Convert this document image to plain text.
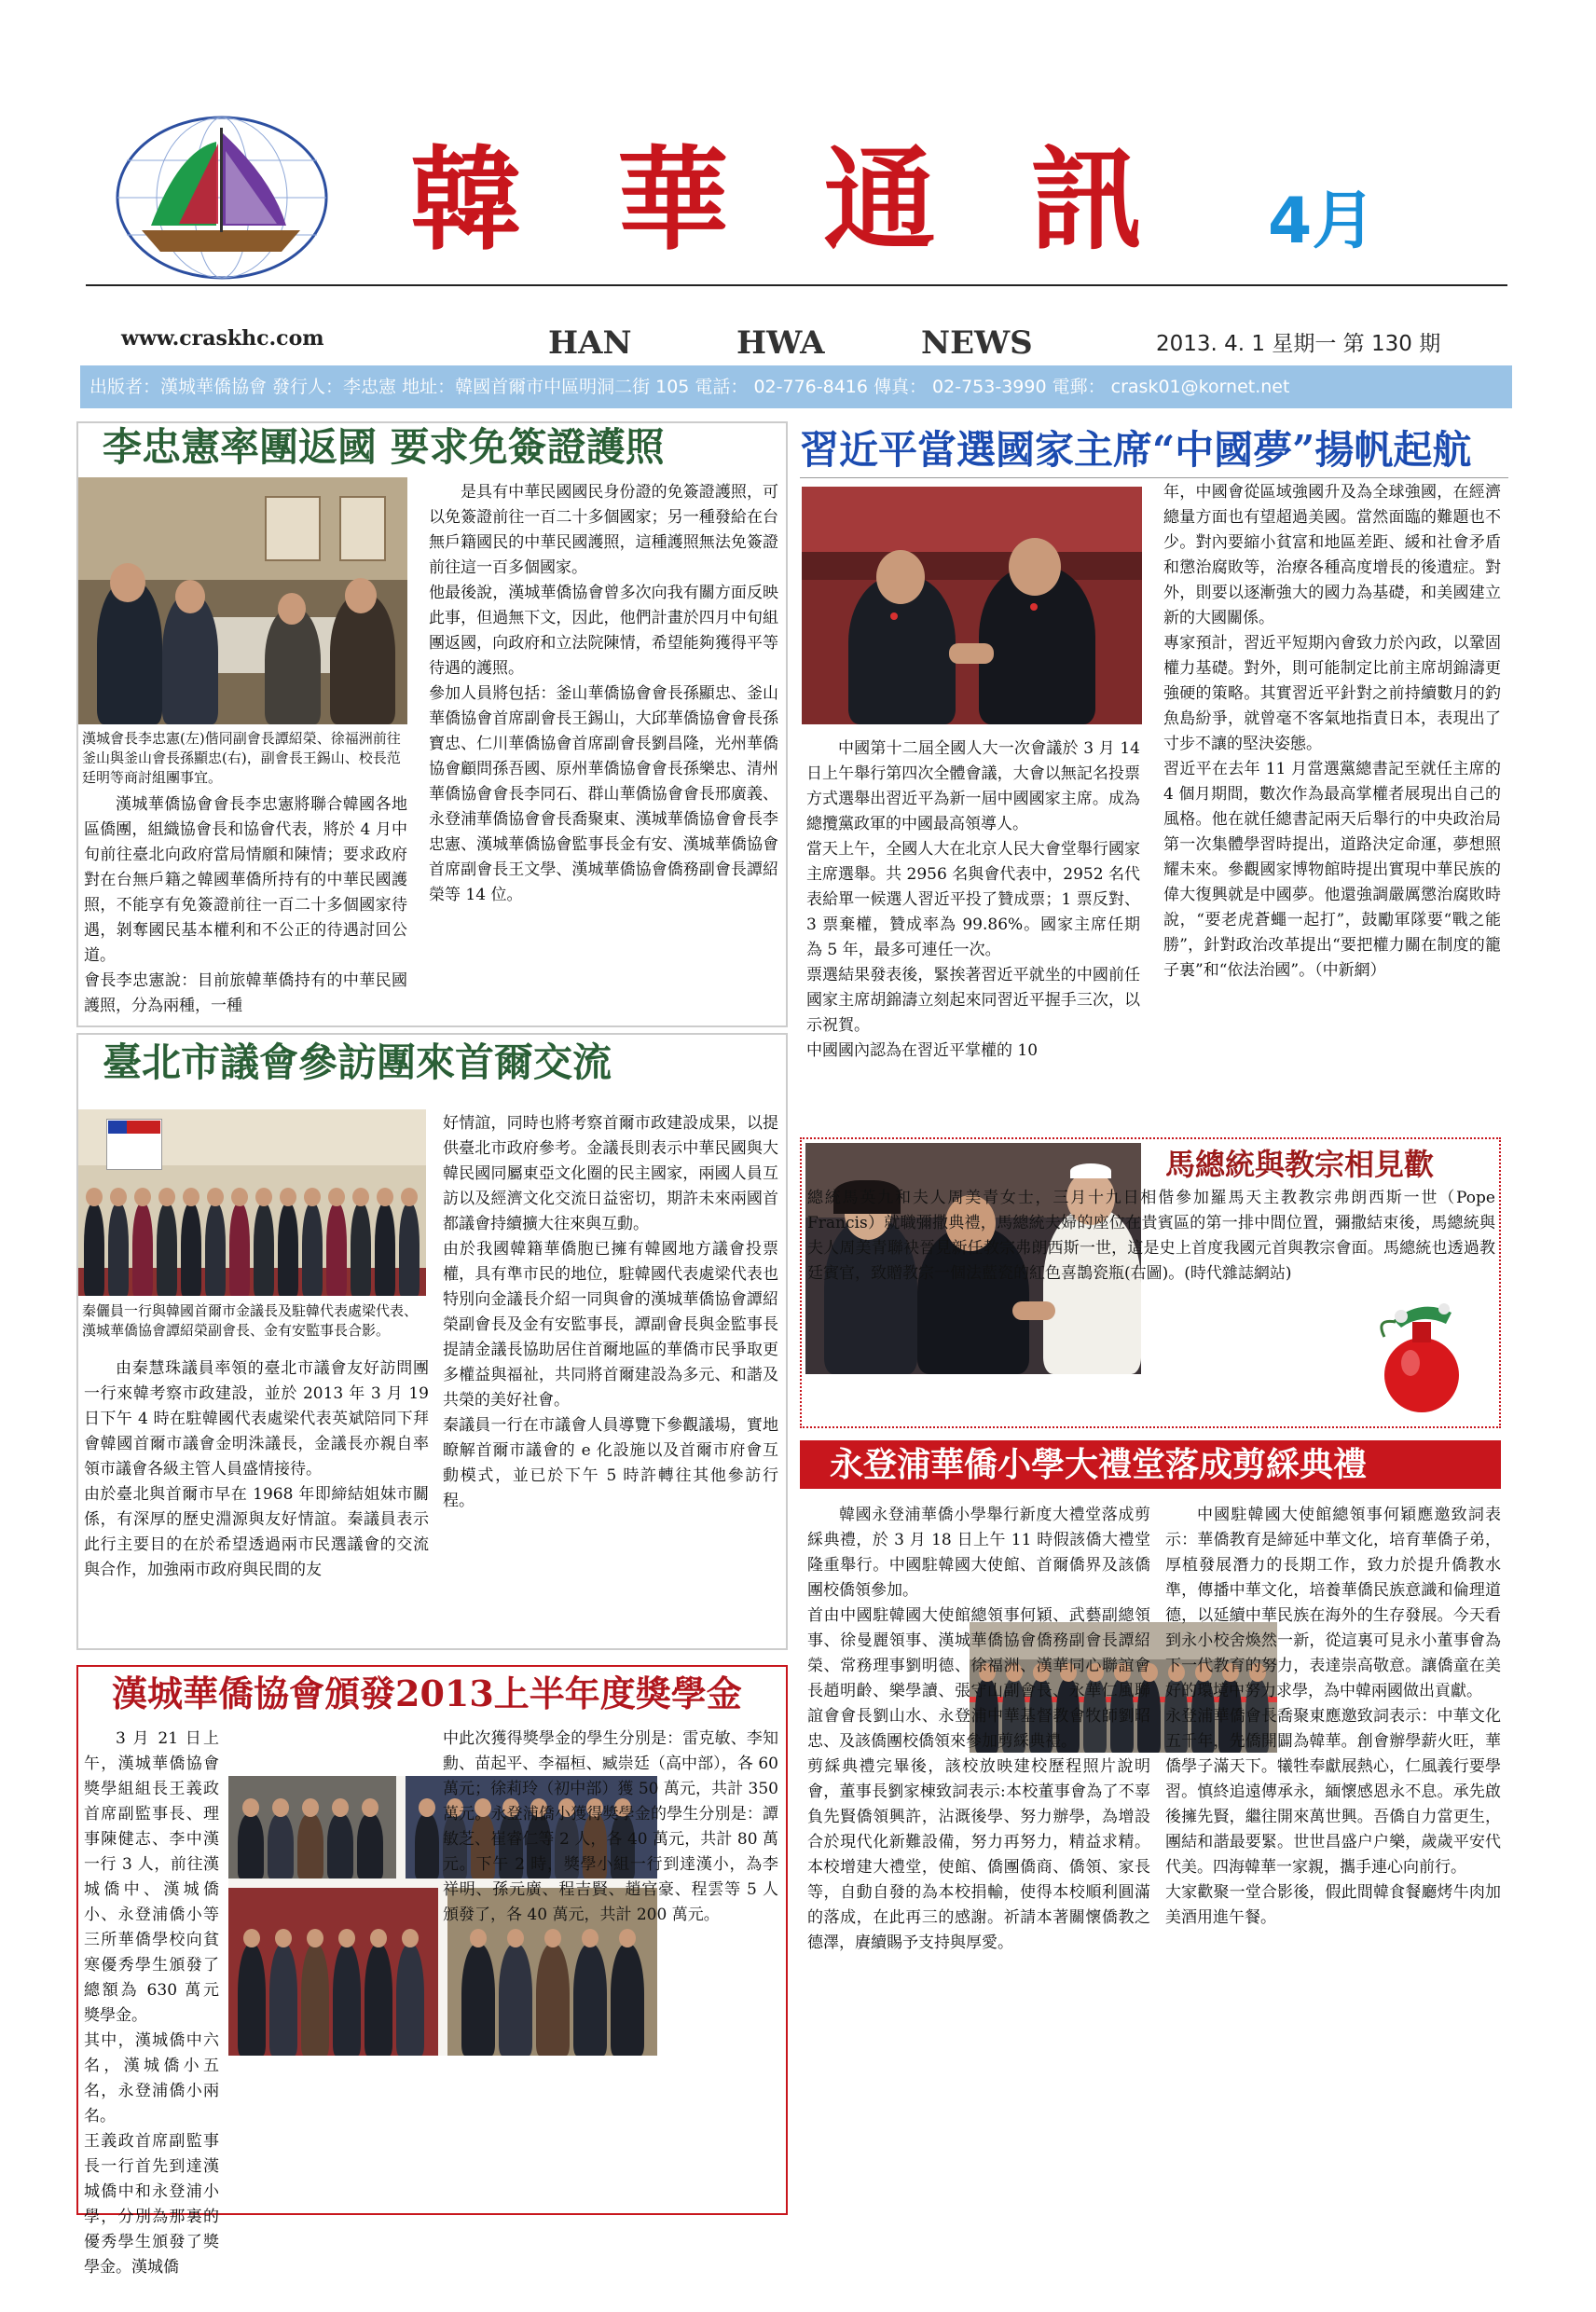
韓 華 通 訊 4月
www.craskhc.com	HAN	HWA	NEWS	2013. 4. 1 星期一 第 130 期
出版者：漢城華僑協會 發行人：李忠憲 地址：韓國首爾市中區明洞二街 105 電話： 02-776-8416 傳真： 02-753-3990 電郵： crask01@kornet.net
李忠憲率團返國 要求免簽證護照
漢城會長李忠憲(左)偕同副會長譚紹榮、徐福洲前往釜山與釜山會長孫顯忠(右)，副會長王錫山、校長范廷明等商討組團事宜。
漢城華僑協會會長李忠憲將聯合韓國各地區僑團，組織協會長和協會代表，將於 4 月中旬前往臺北向政府當局情願和陳情；要求政府對在台無戶籍之韓國華僑所持有的中華民國護照，不能享有免簽證前往一百二十多個國家待遇，剝奪國民基本權利和不公正的待遇討回公道。
會長李忠憲說：目前旅韓華僑持有的中華民國護照，分為兩種，一種
是具有中華民國國民身份證的免簽證護照，可以免簽證前往一百二十多個國家；另一種發給在台無戶籍國民的中華民國護照，這種護照無法免簽證前往這一百多個國家。
他最後說，漢城華僑協會曾多次向我有關方面反映此事，但過無下文，因此，他們計畫於四月中旬組團返國，向政府和立法院陳情，希望能夠獲得平等待遇的護照。
參加人員將包括：釜山華僑協會會長孫顯忠、釜山華僑協會首席副會長王錫山，大邱華僑協會會長孫寶忠、仁川華僑協會首席副會長劉昌隆，光州華僑協會顧問孫吾國、原州華僑協會會長孫樂忠、清州華僑協會會長李同石、群山華僑協會會長邢廣義、永登浦華僑協會會長喬聚東、漢城華僑協會會長李忠憲、漢城華僑協會監事長金有安、漢城華僑協會首席副會長王文學、漢城華僑協會僑務副會長譚紹榮等 14 位。
習近平當選國家主席“中國夢”揚帆起航
中國第十二屆全國人大一次會議於 3 月 14 日上午舉行第四次全體會議，大會以無記名投票方式選舉出習近平為新一屆中國國家主席。成為總攬黨政軍的中國最高領導人。
當天上午，全國人大在北京人民大會堂舉行國家主席選舉。共 2956 名與會代表中，2952 名代表給單一候選人習近平投了贊成票；1 票反對、3 票棄權，贊成率為 99.86%。國家主席任期為 5 年，最多可連任一次。
票選結果發表後，緊挨著習近平就坐的中國前任國家主席胡錦濤立刻起來同習近平握手三次，以示祝賀。
中國國內認為在習近平掌權的 10
年，中國會從區域強國升及為全球強國，在經濟總量方面也有望超過美國。當然面臨的難題也不少。對內要縮小貧富和地區差距、緩和社會矛盾和懲治腐敗等，治療各種高度增長的後遺症。對外，則要以逐漸強大的國力為基礎，和美國建立新的大國關係。
專家預計，習近平短期內會致力於內政，以鞏固權力基礎。對外，則可能制定比前主席胡錦濤更強硬的策略。其實習近平針對之前持續數月的釣魚島紛爭，就曾毫不客氣地指責日本，表現出了寸步不讓的堅決姿態。
習近平在去年 11 月當選黨總書記至就任主席的 4 個月期間，數次作為最高掌權者展現出自己的風格。他在就任總書記兩天后舉行的中央政治局第一次集體學習時提出，道路決定命運，夢想照耀未來。參觀國家博物館時提出實現中華民族的偉大復興就是中國夢。他還強調嚴厲懲治腐敗時說，“要老虎蒼蠅一起打”，鼓勵軍隊要“戰之能勝”，針對政治改革提出“要把權力關在制度的籠子裏”和“依法治國”。（中新網）
臺北市議會參訪團來首爾交流
秦儷員一行與韓國首爾市金議長及駐韓代表處梁代表、漢城華僑協會譚紹榮副會長、金有安監事長合影。
由秦慧珠議員率領的臺北市議會友好訪問團一行來韓考察市政建設，並於 2013 年 3 月 19 日下午 4 時在駐韓國代表處梁代表英斌陪同下拜會韓國首爾市議會金明洙議長，金議長亦親自率領市議會各級主管人員盛情接待。
由於臺北與首爾市早在 1968 年即締結姐妹市關係，有深厚的歷史淵源與友好情誼。秦議員表示此行主要目的在於希望透過兩市民選議會的交流與合作，加強兩市政府與民間的友
好情誼，同時也將考察首爾市政建設成果，以提供臺北市政府參考。金議長則表示中華民國與大韓民國同屬東亞文化圈的民主國家，兩國人員互訪以及經濟文化交流日益密切，期許未來兩國首都議會持續擴大往來與互動。
由於我國韓籍華僑胞已擁有韓國地方議會投票權，具有準市民的地位，駐韓國代表處梁代表也特別向金議長介紹一同與會的漢城華僑協會譚紹榮副會長及金有安監事長，譚副會長與金監事長提請金議長協助居住首爾地區的華僑市民爭取更多權益與福祉，共同將首爾建設為多元、和諧及共榮的美好社會。
秦議員一行在市議會人員導覽下參觀議場，實地瞭解首爾市議會的 e 化設施以及首爾市府會互動模式，並已於下午 5 時許轉往其他參訪行程。
馬總統與教宗相見歡
總統馬英九和夫人周美青女士，三月十九日相偕參加羅馬天主教教宗弗朗西斯一世（Pope Francis）就職彌撒典禮，馬總統夫婦的座位在貴賓區的第一排中間位置，彌撒結束後，馬總統與夫人周美青聯袂晉見新任教宗弗朗西斯一世，這是史上首度我國元首與教宗會面。馬總統也透過教廷賓官，致贈教宗一個法藍瓷的紅色喜鵲瓷瓶(右圖)。(時代雜誌網站)
永登浦華僑小學大禮堂落成剪綵典禮
韓國永登浦華僑小學舉行新度大禮堂落成剪綵典禮，於 3 月 18 日上午 11 時假該僑大禮堂隆重舉行。中國駐韓國大使館、首爾僑界及該僑團校僑領參加。
首由中國駐韓國大使館總領事何穎、武藝副總領事、徐曼麗領事、漢城華僑協會僑務副會長譚紹榮、常務理事劉明德、徐福洲、漢華同心聯誼會長趙明齡、樂學讀、張守山副會長、永華仁風聯誼會會長劉山水、永登浦中華基督教會牧師劉昭忠、及該僑團校僑領來參加剪綵典禮。
剪綵典禮完畢後，該校放映建校歷程照片說明會，董事長劉家棟致詞表示:本校董事會為了不辜負先賢僑領興許，沾溉後學、努力辦學，為增設合於現代化新難設備，努力再努力，精益求精。本校增建大禮堂，使館、僑團僑商、僑領、家長等，自動自發的為本校捐輸，使得本校順利圓滿的落成，在此再三的感謝。祈請本著關懷僑教之德澤，賡續賜予支持與厚愛。
中國駐韓國大使館總領事何穎應邀致詞表示：華僑教育是締延中華文化，培育華僑子弟，厚植發展潛力的長期工作，致力於提升僑教水準，傳播中華文化，培養華僑民族意識和倫理道德，以延續中華民族在海外的生存發展。今天看到永小校舍煥然一新，從這裏可見永小董事會為下一代教育的努力，表達崇高敬意。讓僑童在美好的環境中努力求學，為中韓兩國做出貢獻。
永登浦華僑會長喬聚東應邀致詞表示：中華文化五千年，先僑開闢為韓華。創會辦學薪火旺，華僑學子滿天下。犧牲奉獻展熱心，仁風義行要學習。慎終追遠傳承永，緬懷感恩永不息。承先啟後擁先賢，繼往開來萬世興。吾僑自力當更生，團結和諧最要緊。世世昌盛户户樂，歲歲平安代代美。四海韓華一家親，攜手連心向前行。
大家歡聚一堂合影後，假此間韓食餐廳烤牛肉加美酒用進午餐。
漢城華僑協會頒發2013上半年度獎學金
3 月 21 日上午，漢城華僑協會獎學組組長王義政首席副監事長、理事陳健志、李中漢一行 3 人，前往漢城僑中、漢城僑小、永登浦僑小等三所華僑學校向貧寒優秀學生頒發了總額為 630 萬元獎學金。
其中，漢城僑中六名，漢城僑小五名，永登浦僑小兩名。
王義政首席副監事長一行首先到達漢城僑中和永登浦小學，分別為那裏的優秀學生頒發了獎學金。漢城僑
中此次獲得獎學金的學生分別是：雷克敏、李知勳、苗起平、李福桓、臧崇廷（高中部），各 60 萬元；徐莉玲（初中部）獲 50 萬元，共計 350 萬元。永登浦僑小獲得獎學金的學生分別是：譚敏芝、崔睿仁等 2 人，各 40 萬元，共計 80 萬元。下午 2 時，獎學小組一行到達漢小，為李祥明、孫元廣、程吉賢、趙官豪、程雲等 5 人頒發了，各 40 萬元，共計 200 萬元。
